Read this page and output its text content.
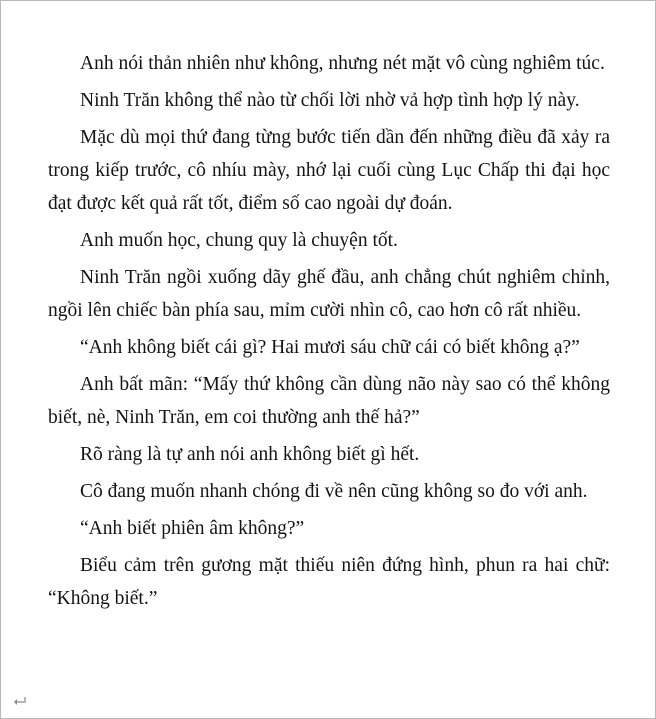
Anh nói thản nhiên như không, nhưng nét mặt vô cùng nghiêm túc.

Ninh Trăn không thể nào từ chối lời nhờ vả hợp tình hợp lý này.

Mặc dù mọi thứ đang từng bước tiến dần đến những điều đã xảy ra trong kiếp trước, cô nhíu mày, nhớ lại cuối cùng Lục Chấp thi đại học đạt được kết quả rất tốt, điểm số cao ngoài dự đoán.

Anh muốn học, chung quy là chuyện tốt.

Ninh Trăn ngồi xuống dãy ghế đầu, anh chẳng chút nghiêm chỉnh, ngồi lên chiếc bàn phía sau, mỉm cười nhìn cô, cao hơn cô rất nhiều.

“Anh không biết cái gì? Hai mươi sáu chữ cái có biết không ạ?”

Anh bất mãn: “Mấy thứ không cần dùng não này sao có thể không biết, nè, Ninh Trăn, em coi thường anh thế hả?”

Rõ ràng là tự anh nói anh không biết gì hết.

Cô đang muốn nhanh chóng đi về nên cũng không so đo với anh.

“Anh biết phiên âm không?”

Biểu cảm trên gương mặt thiếu niên đứng hình, phun ra hai chữ: “Không biết.”
